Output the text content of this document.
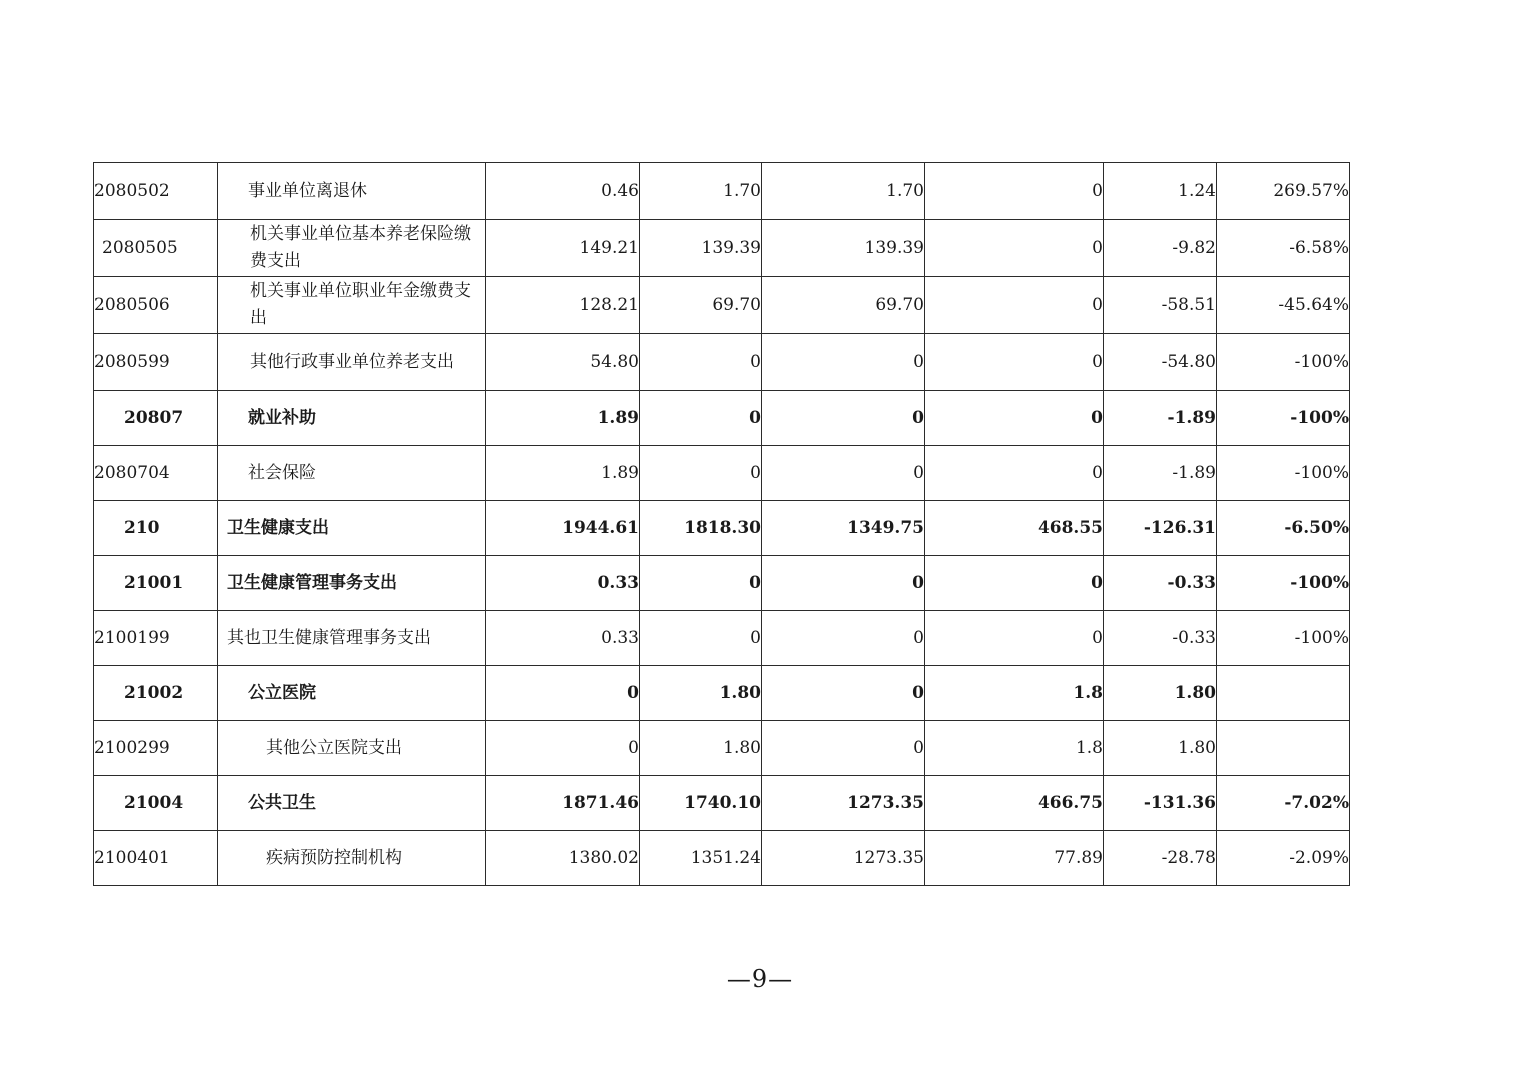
2080502	事业单位离退休	0.46	1.70	1.70	0	1.24	269.57%
2080505	机关事业单位基本养老保险缴费支出	149.21	139.39	139.39	0	-9.82	-6.58%
2080506	机关事业单位职业年金缴费支出	128.21	69.70	69.70	0	-58.51	-45.64%
2080599	其他行政事业单位养老支出	54.80	0	0	0	-54.80	-100%
20807	就业补助	1.89	0	0	0	-1.89	-100%
2080704	社会保险	1.89	0	0	0	-1.89	-100%
210	卫生健康支出	1944.61	1818.30	1349.75	468.55	-126.31	-6.50%
21001	卫生健康管理事务支出	0.33	0	0	0	-0.33	-100%
2100199	其也卫生健康管理事务支出	0.33	0	0	0	-0.33	-100%
21002	公立医院	0	1.80	0	1.8	1.80	
2100299	其他公立医院支出	0	1.80	0	1.8	1.80	
21004	公共卫生	1871.46	1740.10	1273.35	466.75	-131.36	-7.02%
2100401	疾病预防控制机构	1380.02	1351.24	1273.35	77.89	-28.78	-2.09%
—9—
